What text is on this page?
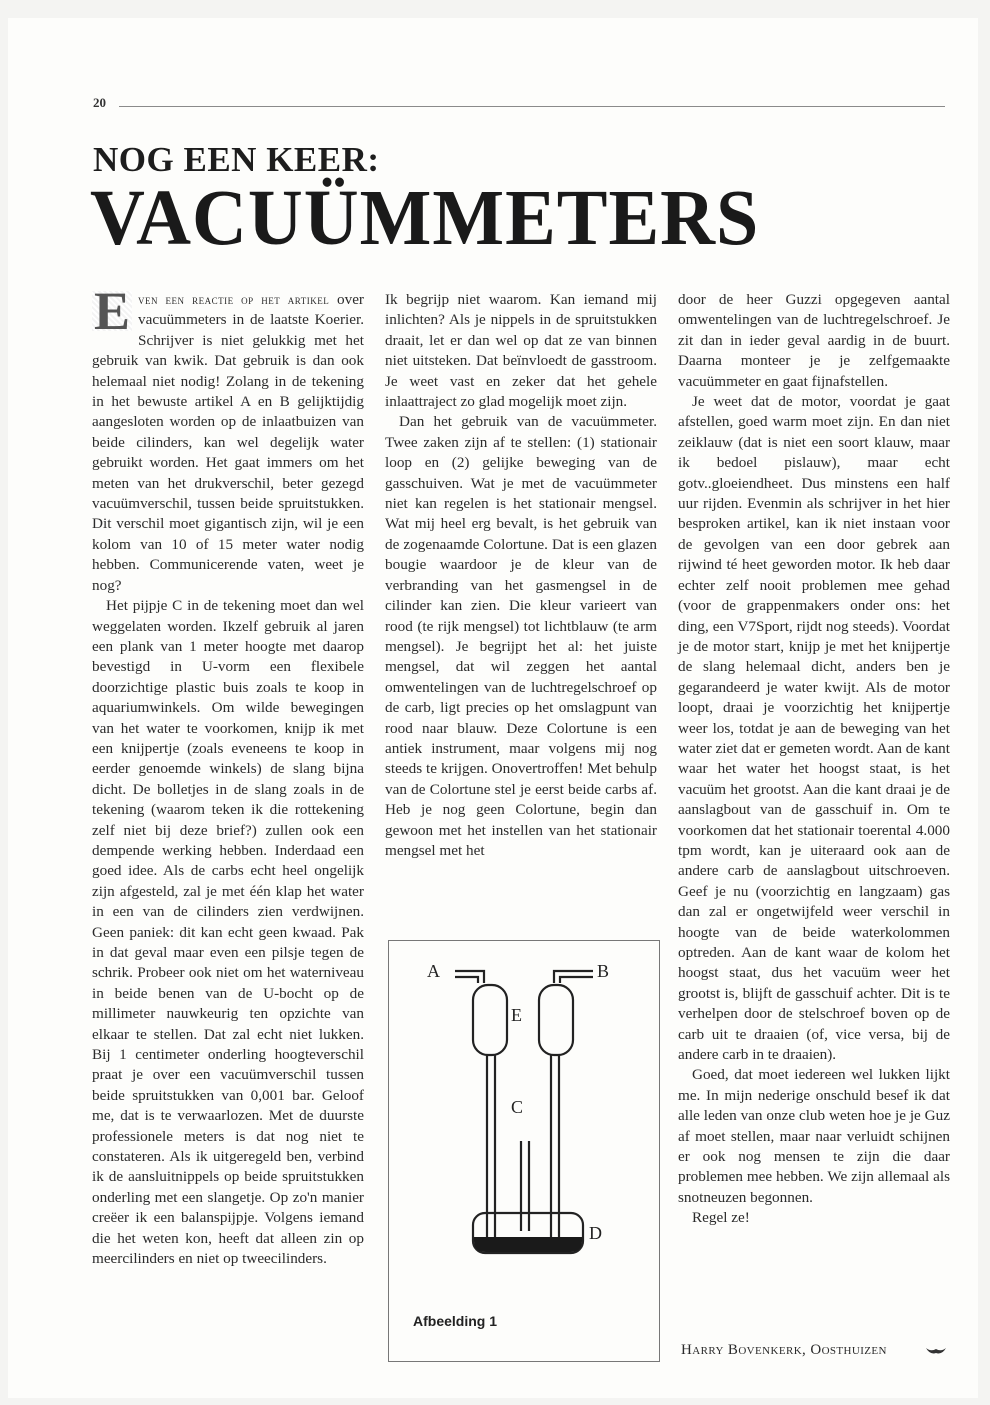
20
NOG EEN KEER:
VACUÜMMETERS

E ven een reactie op het artikel over vacuümmeters in de laatste Koerier. Schrijver is niet gelukkig met het gebruik van kwik. Dat gebruik is dan ook helemaal niet nodig! Zolang in de tekening in het bewuste artikel A en B gelijktijdig aangesloten worden op de inlaatbuizen van beide cilinders, kan wel degelijk water gebruikt worden. Het gaat immers om het meten van het drukverschil, beter gezegd vacuümverschil, tussen beide spruitstukken. Dit verschil moet gigantisch zijn, wil je een kolom van 10 of 15 meter water nodig hebben. Communicerende vaten, weet je nog?

Het pijpje C in de tekening moet dan wel weggelaten worden. Ikzelf gebruik al jaren een plank van 1 meter hoogte met daarop bevestigd in U-vorm een flexibele doorzichtige plastic buis zoals te koop in aquariumwinkels. Om wilde bewegingen van het water te voorkomen, knijp ik met een knijpertje (zoals eveneens te koop in eerder genoemde winkels) de slang bijna dicht. De bolletjes in de slang zoals in de tekening (waarom teken ik die rottekening zelf niet bij deze brief?) zullen ook een dempende werking hebben. Inderdaad een goed idee. Als de carbs echt heel ongelijk zijn afgesteld, zal je met één klap het water in een van de cilinders zien verdwijnen. Geen paniek: dit kan echt geen kwaad. Pak in dat geval maar even een pilsje tegen de schrik. Probeer ook niet om het waterniveau in beide benen van de U-bocht op de millimeter nauwkeurig ten opzichte van elkaar te stellen. Dat zal echt niet lukken. Bij 1 centimeter onderling hoogteverschil praat je over een vacuümverschil tussen beide spruitstukken van 0,001 bar. Geloof me, dat is te verwaarlozen. Met de duurste professionele meters is dat nog niet te constateren. Als ik uitgeregeld ben, verbind ik de aansluitnippels op beide spruitstukken onderling met een slangetje. Op zo'n manier creëer ik een balanspijpje. Volgens iemand die het weten kon, heeft dat alleen zin op meercilinders en niet op tweecilinders.

Ik begrijp niet waarom. Kan iemand mij inlichten? Als je nippels in de spruitstukken draait, let er dan wel op dat ze van binnen niet uitsteken. Dat beïnvloedt de gasstroom. Je weet vast en zeker dat het gehele inlaattraject zo glad mogelijk moet zijn.

Dan het gebruik van de vacuümmeter. Twee zaken zijn af te stellen: (1) stationair loop en (2) gelijke beweging van de gasschuiven. Wat je met de vacuümmeter niet kan regelen is het stationair mengsel. Wat mij heel erg bevalt, is het gebruik van de zogenaamde Colortune. Dat is een glazen bougie waardoor je de kleur van de verbranding van het gasmengsel in de cilinder kan zien. Die kleur varieert van rood (te rijk mengsel) tot lichtblauw (te arm mengsel). Je begrijpt het al: het juiste mengsel, dat wil zeggen het aantal omwentelingen van de luchtregelschroef op de carb, ligt precies op het omslagpunt van rood naar blauw. Deze Colortune is een antiek instrument, maar volgens mij nog steeds te krijgen. Onovertroffen! Met behulp van de Colortune stel je eerst beide carbs af. Heb je nog geen Colortune, begin dan gewoon met het instellen van het stationair mengsel met het

door de heer Guzzi opgegeven aantal omwentelingen van de luchtregelschroef. Je zit dan in ieder geval aardig in de buurt. Daarna monteer je je zelfgemaakte vacuümmeter en gaat fijnafstellen.

Je weet dat de motor, voordat je gaat afstellen, goed warm moet zijn. En dan niet zeiklauw (dat is niet een soort klauw, maar ik bedoel pislauw), maar echt gotv..gloeiendheet. Dus minstens een half uur rijden. Evenmin als schrijver in het hier besproken artikel, kan ik niet instaan voor de gevolgen van een door gebrek aan rijwind té heet geworden motor. Ik heb daar echter zelf nooit problemen mee gehad (voor de grappenmakers onder ons: het ding, een V7Sport, rijdt nog steeds). Voordat je de motor start, knijp je met het knijpertje de slang helemaal dicht, anders ben je gegarandeerd je water kwijt. Als de motor loopt, draai je voorzichtig het knijpertje weer los, totdat je aan de beweging van het water ziet dat er gemeten wordt. Aan de kant waar het water het hoogst staat, is het vacuüm het grootst. Aan die kant draai je de aanslagbout van de gasschuif in. Om te voorkomen dat het stationair toerental 4.000 tpm wordt, kan je uiteraard ook aan de andere carb de aanslagbout uitschroeven. Geef je nu (voorzichtig en langzaam) gas dan zal er ongetwijfeld weer verschil in hoogte van de beide waterkolommen optreden. Aan de kant waar de kolom het hoogst staat, dus het vacuüm weer het grootst is, blijft de gasschuif achter. Dit is te verhelpen door de stelschroef boven op de carb uit te draaien (of, vice versa, bij de andere carb in te draaien).

Goed, dat moet iedereen wel lukken lijkt me. In mijn nederige onschuld besef ik dat alle leden van onze club weten hoe je je Guz af moet stellen, maar naar verluidt schijnen er ook nog mensen te zijn die daar problemen mee hebben. We zijn allemaal als snotneuzen begonnen.

Regel ze!

A	B
C
D
E
Afbeelding 1
Harry Bovenkerk, Oosthuizen
